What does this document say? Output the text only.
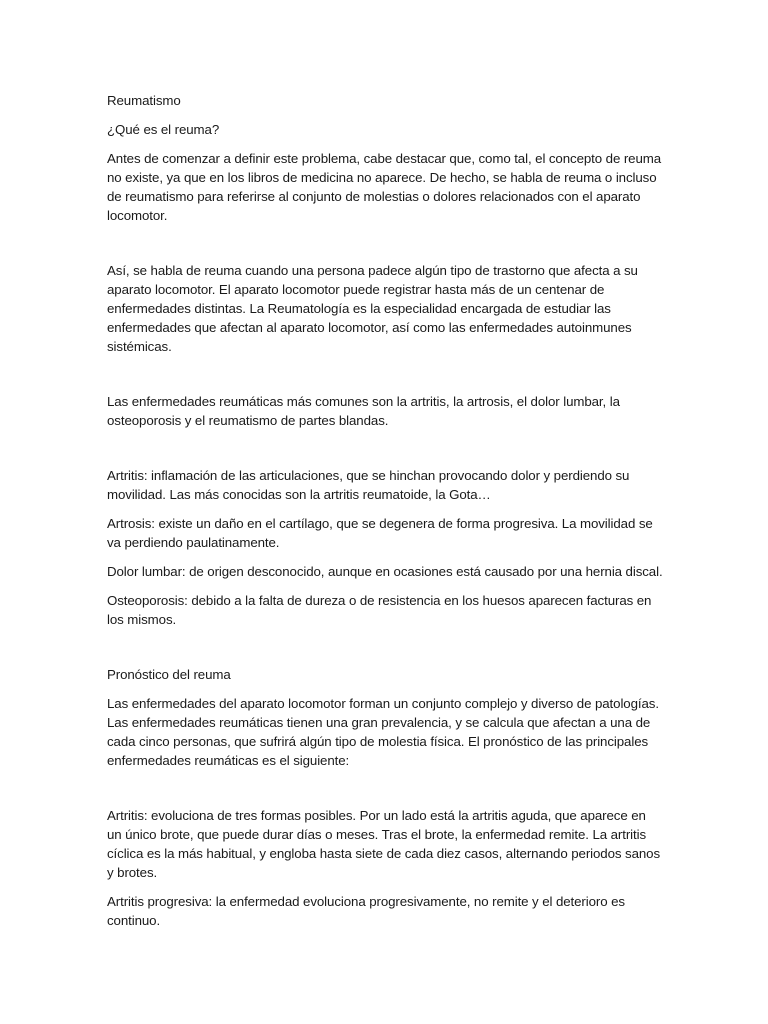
Reumatismo

¿Qué es el reuma?

Antes de comenzar a definir este problema, cabe destacar que, como tal, el concepto de reuma no existe, ya que en los libros de medicina no aparece. De hecho, se habla de reuma o incluso de reumatismo para referirse al conjunto de molestias o dolores relacionados con el aparato locomotor.

Así, se habla de reuma cuando una persona padece algún tipo de trastorno que afecta a su aparato locomotor. El aparato locomotor puede registrar hasta más de un centenar de enfermedades distintas. La Reumatología es la especialidad encargada de estudiar las enfermedades que afectan al aparato locomotor, así como las enfermedades autoinmunes sistémicas.

Las enfermedades reumáticas más comunes son la artritis, la artrosis, el dolor lumbar, la osteoporosis y el reumatismo de partes blandas.

Artritis: inflamación de las articulaciones, que se hinchan provocando dolor y perdiendo su movilidad. Las más conocidas son la artritis reumatoide, la Gota…

Artrosis: existe un daño en el cartílago, que se degenera de forma progresiva. La movilidad se va perdiendo paulatinamente.

Dolor lumbar: de origen desconocido, aunque en ocasiones está causado por una hernia discal.

Osteoporosis: debido a la falta de dureza o de resistencia en los huesos aparecen facturas en los mismos.

Pronóstico del reuma

Las enfermedades del aparato locomotor forman un conjunto complejo y diverso de patologías. Las enfermedades reumáticas tienen una gran prevalencia, y se calcula que afectan a una de cada cinco personas, que sufrirá algún tipo de molestia física. El pronóstico de las principales enfermedades reumáticas es el siguiente:

Artritis: evoluciona de tres formas posibles. Por un lado está la artritis aguda, que aparece en un único brote, que puede durar días o meses. Tras el brote, la enfermedad remite. La artritis cíclica es la más habitual, y engloba hasta siete de cada diez casos, alternando periodos sanos y brotes.

Artritis progresiva: la enfermedad evoluciona progresivamente, no remite y el deterioro es continuo.
